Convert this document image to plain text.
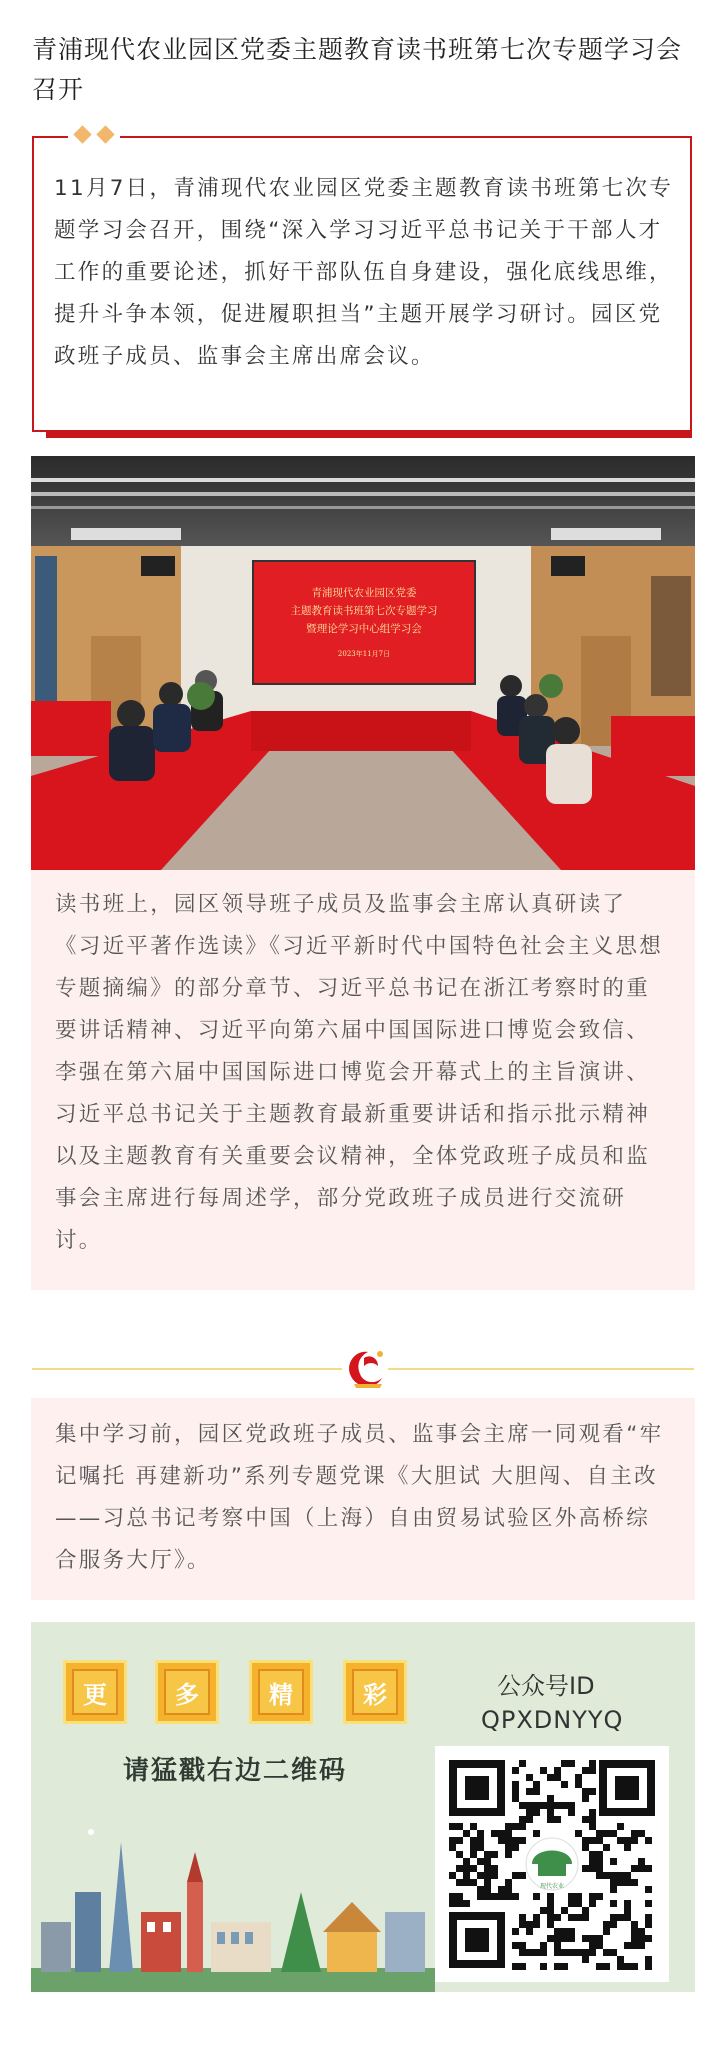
青浦现代农业园区党委主题教育读书班第七次专题学习会召开
11月7日，青浦现代农业园区党委主题教育读书班第七次专题学习会召开，围绕“深入学习习近平总书记关于干部人才工作的重要论述，抓好干部队伍自身建设，强化底线思维，提升斗争本领，促进履职担当”主题开展学习研讨。园区党政班子成员、监事会主席出席会议。
青浦现代农业园区党委
主题教育读书班第七次专题学习
暨理论学习中心组学习会
2023年11月7日
读书班上，园区领导班子成员及监事会主席认真研读了《习近平著作选读》《习近平新时代中国特色社会主义思想专题摘编》的部分章节、习近平总书记在浙江考察时的重要讲话精神、习近平向第六届中国国际进口博览会致信、李强在第六届中国国际进口博览会开幕式上的主旨演讲、习近平总书记关于主题教育最新重要讲话和指示批示精神以及主题教育有关重要会议精神，全体党政班子成员和监事会主席进行每周述学，部分党政班子成员进行交流研讨。
集中学习前，园区党政班子成员、监事会主席一同观看“牢记嘱托 再建新功”系列专题党课《大胆试 大胆闯、自主改——习总书记考察中国（上海）自由贸易试验区外高桥综合服务大厅》。
更	多	精	彩
请猛戳右边二维码
公众号ID
QPXDNYYQ
现代农业
